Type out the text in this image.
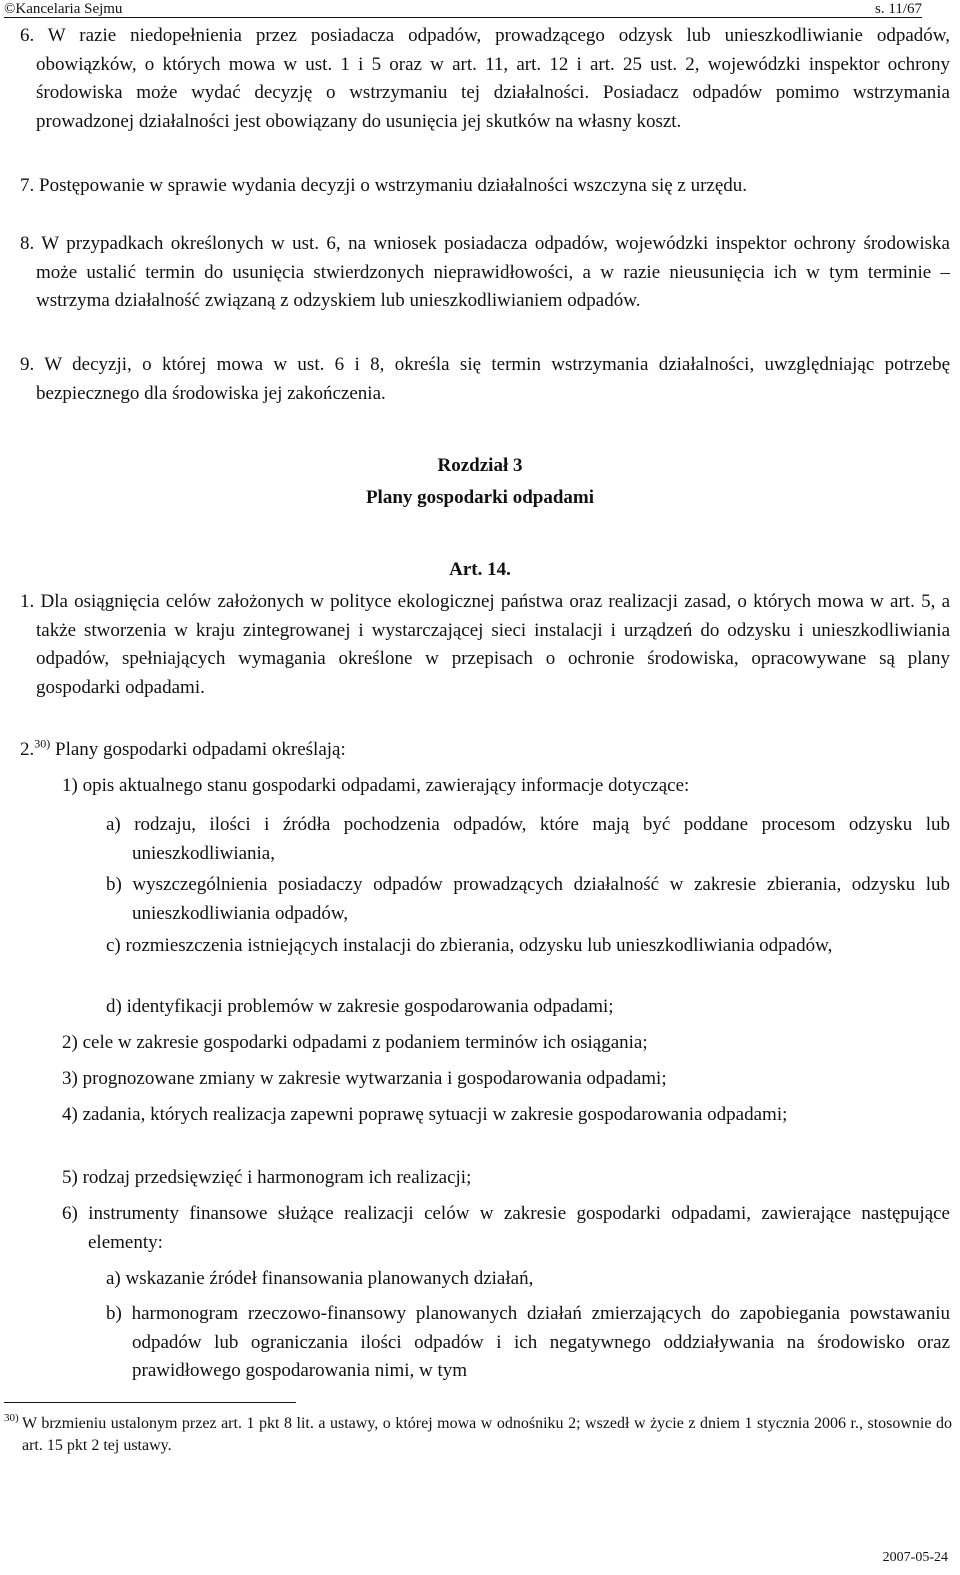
©Kancelaria Sejmu	s. 11/67

6. W razie niedopełnienia przez posiadacza odpadów, prowadzącego odzysk lub unieszkodliwianie odpadów, obowiązków, o których mowa w ust. 1 i 5 oraz w art. 11, art. 12 i art. 25 ust. 2, wojewódzki inspektor ochrony środowiska może wydać decyzję o wstrzymaniu tej działalności. Posiadacz odpadów pomimo wstrzymania prowadzonej działalności jest obowiązany do usunięcia jej skutków na własny koszt.

7. Postępowanie w sprawie wydania decyzji o wstrzymaniu działalności wszczyna się z urzędu.

8. W przypadkach określonych w ust. 6, na wniosek posiadacza odpadów, wojewódzki inspektor ochrony środowiska może ustalić termin do usunięcia stwierdzonych nieprawidłowości, a w razie nieusunięcia ich w tym terminie – wstrzyma działalność związaną z odzyskiem lub unieszkodliwianiem odpadów.

9. W decyzji, o której mowa w ust. 6 i 8, określa się termin wstrzymania działalności, uwzględniając potrzebę bezpiecznego dla środowiska jej zakończenia.

Rozdział 3
Plany gospodarki odpadami
Art. 14.

1. Dla osiągnięcia celów założonych w polityce ekologicznej państwa oraz realizacji zasad, o których mowa w art. 5, a także stworzenia w kraju zintegrowanej i wystarczającej sieci instalacji i urządzeń do odzysku i unieszkodliwiania odpadów, spełniających wymagania określone w przepisach o ochronie środowiska, opracowywane są plany gospodarki odpadami.

2.$^{30)}$ Plany gospodarki odpadami określają:

1) opis aktualnego stanu gospodarki odpadami, zawierający informacje dotyczące:

a) rodzaju, ilości i źródła pochodzenia odpadów, które mają być poddane procesom odzysku lub unieszkodliwiania,

b) wyszczególnienia posiadaczy odpadów prowadzących działalność w zakresie zbierania, odzysku lub unieszkodliwiania odpadów,

c) rozmieszczenia istniejących instalacji do zbierania, odzysku lub unieszkodliwiania odpadów,

d) identyfikacji problemów w zakresie gospodarowania odpadami;

2) cele w zakresie gospodarki odpadami z podaniem terminów ich osiągania;

3) prognozowane zmiany w zakresie wytwarzania i gospodarowania odpadami;

4) zadania, których realizacja zapewni poprawę sytuacji w zakresie gospodarowania odpadami;

5) rodzaj przedsięwzięć i harmonogram ich realizacji;

6) instrumenty finansowe służące realizacji celów w zakresie gospodarki odpadami, zawierające następujące elementy:

a) wskazanie źródeł finansowania planowanych działań,

b) harmonogram rzeczowo-finansowy planowanych działań zmierzających do zapobiegania powstawaniu odpadów lub ograniczania ilości odpadów i ich negatywnego oddziaływania na środowisko oraz prawidłowego gospodarowania nimi, w tym

30) W brzmieniu ustalonym przez art. 1 pkt 8 lit. a ustawy, o której mowa w odnośniku 2; wszedł w życie z dniem 1 stycznia 2006 r., stosownie do art. 15 pkt 2 tej ustawy.

2007-05-24
